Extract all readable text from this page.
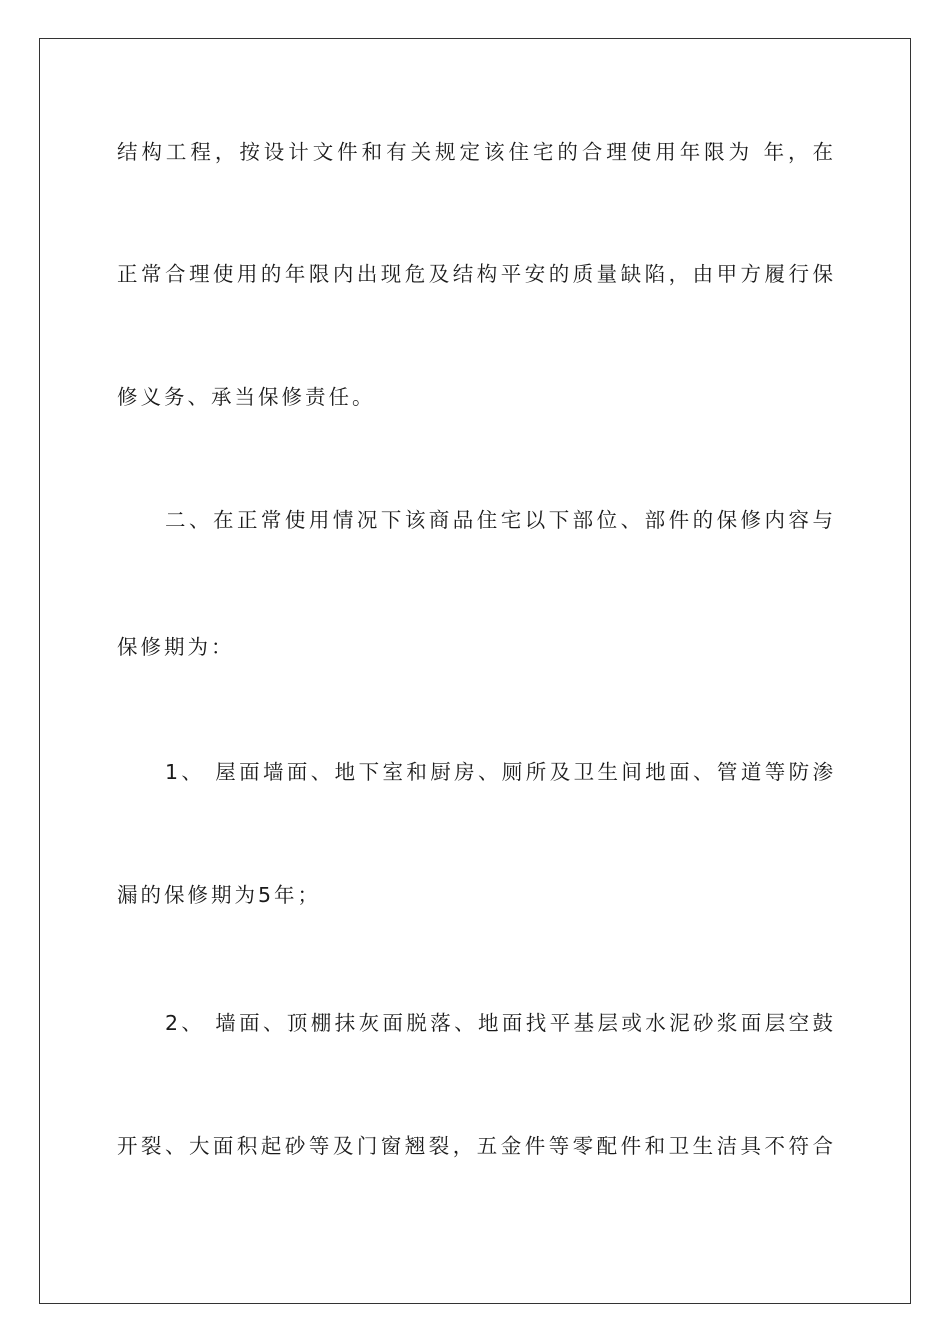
结构工程，按设计文件和有关规定该住宅的合理使用年限为 年，在

正常合理使用的年限内出现危及结构平安的质量缺陷，由甲方履行保

修义务、承当保修责任。

二、在正常使用情况下该商品住宅以下部位、部件的保修内容与

保修期为：

1、 屋面墙面、地下室和厨房、厕所及卫生间地面、管道等防渗

漏的保修期为5年；

2、 墙面、顶棚抹灰面脱落、地面找平基层或水泥砂浆面层空鼓

开裂、大面积起砂等及门窗翘裂，五金件等零配件和卫生洁具不符合
